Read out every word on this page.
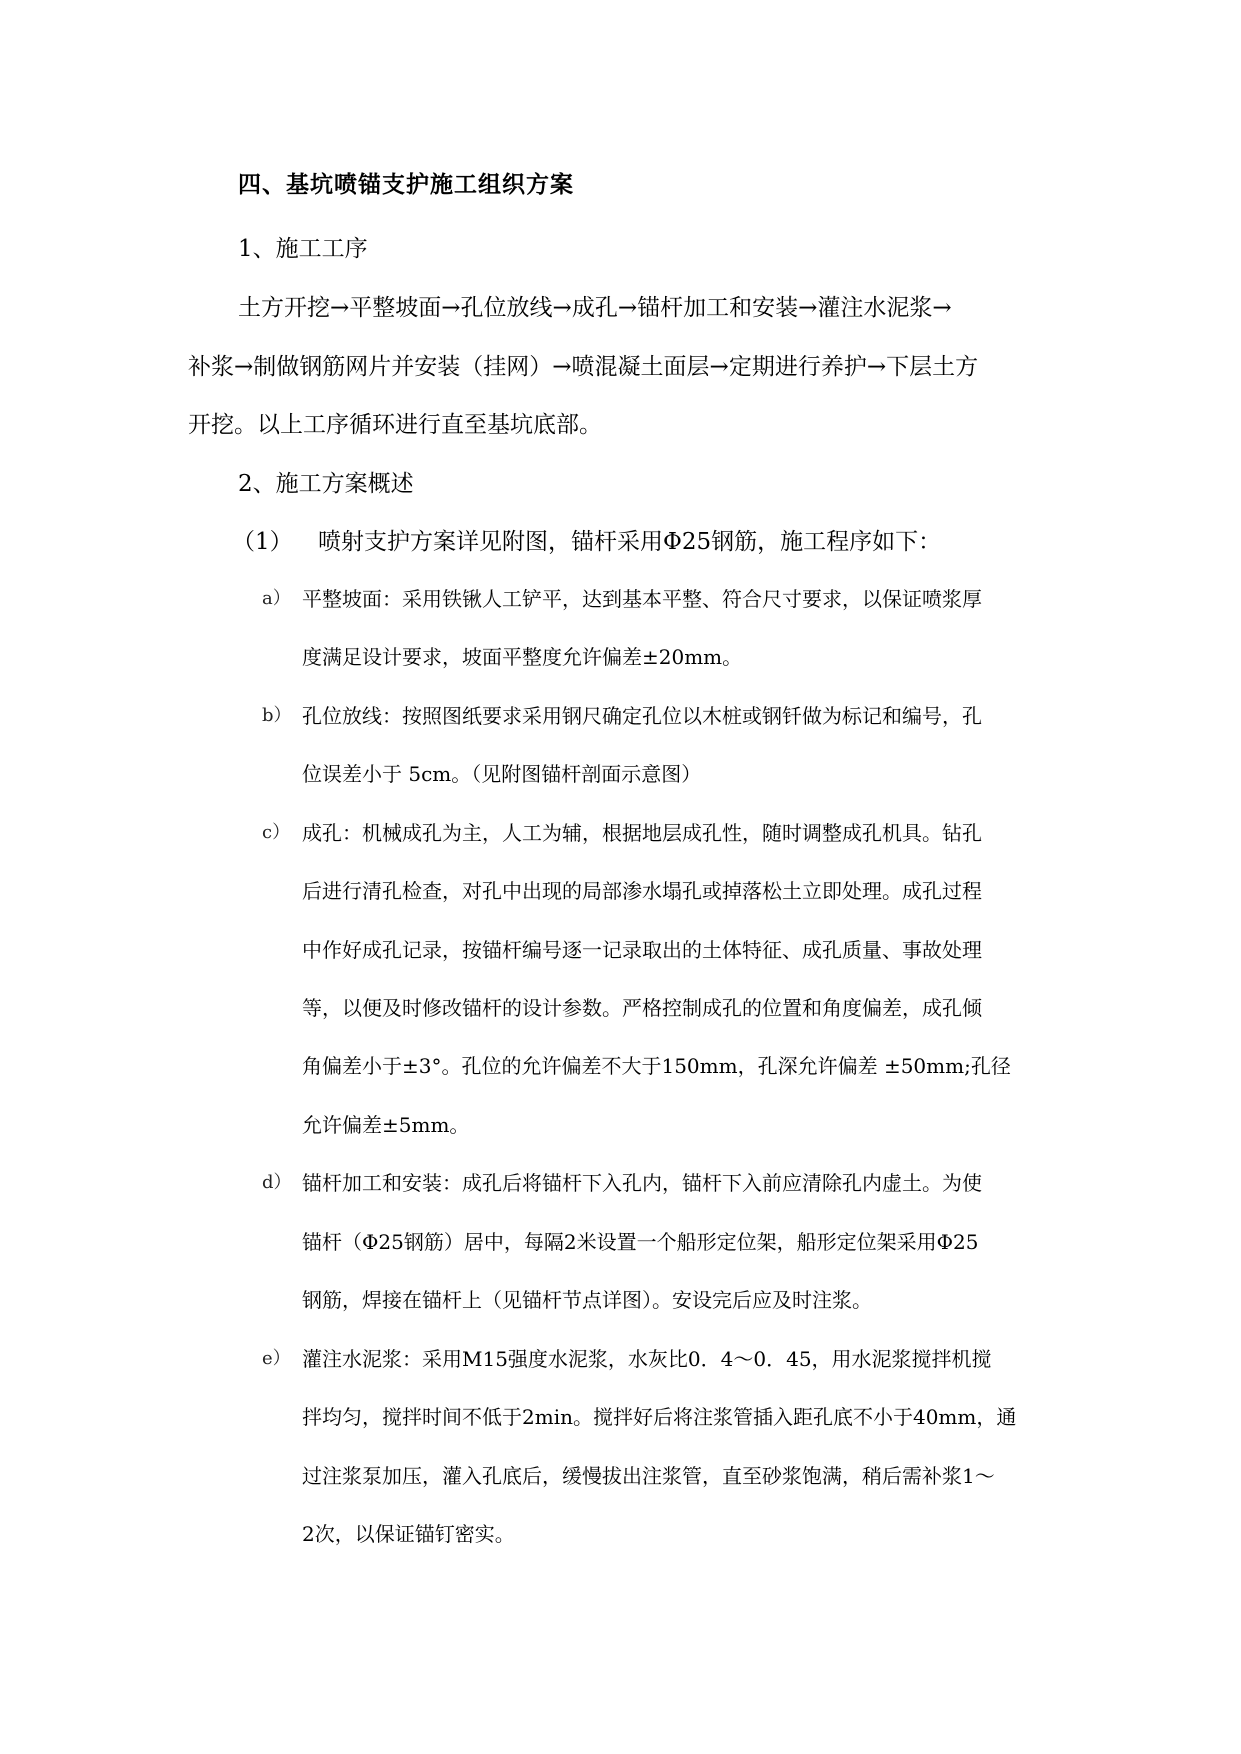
四、基坑喷锚支护施工组织方案
1、施工工序
土方开挖→平整坡面→孔位放线→成孔→锚杆加工和安装→灌注水泥浆→
补浆→制做钢筋网片并安装（挂网）→喷混凝土面层→定期进行养护→下层土方
开挖。以上工序循环进行直至基坑底部。
2、施工方案概述
（1） 喷射支护方案详见附图，锚杆采用Φ25钢筋，施工程序如下：
a） 平整坡面：采用铁锹人工铲平，达到基本平整、符合尺寸要求，以保证喷浆厚
度满足设计要求，坡面平整度允许偏差±20mm。
b） 孔位放线：按照图纸要求采用钢尺确定孔位以木桩或钢钎做为标记和编号，孔
位误差小于 5cm。（见附图锚杆剖面示意图）
c） 成孔：机械成孔为主，人工为辅，根据地层成孔性，随时调整成孔机具。钻孔
后进行清孔检查，对孔中出现的局部渗水塌孔或掉落松土立即处理。成孔过程
中作好成孔记录，按锚杆编号逐一记录取出的土体特征、成孔质量、事故处理
等，以便及时修改锚杆的设计参数。严格控制成孔的位置和角度偏差，成孔倾
角偏差小于±3°。孔位的允许偏差不大于150mm，孔深允许偏差 ±50mm;孔径
允许偏差±5mm。
d） 锚杆加工和安装：成孔后将锚杆下入孔内，锚杆下入前应清除孔内虚土。为使
锚杆（Φ25钢筋）居中，每隔2米设置一个船形定位架，船形定位架采用Φ25
钢筋，焊接在锚杆上（见锚杆节点详图）。安设完后应及时注浆。
e） 灌注水泥浆：采用M15强度水泥浆，水灰比0．4～0．45，用水泥浆搅拌机搅
拌均匀，搅拌时间不低于2min。搅拌好后将注浆管插入距孔底不小于40mm，通
过注浆泵加压，灌入孔底后，缓慢拔出注浆管，直至砂浆饱满，稍后需补浆1～
2次，以保证锚钉密实。
